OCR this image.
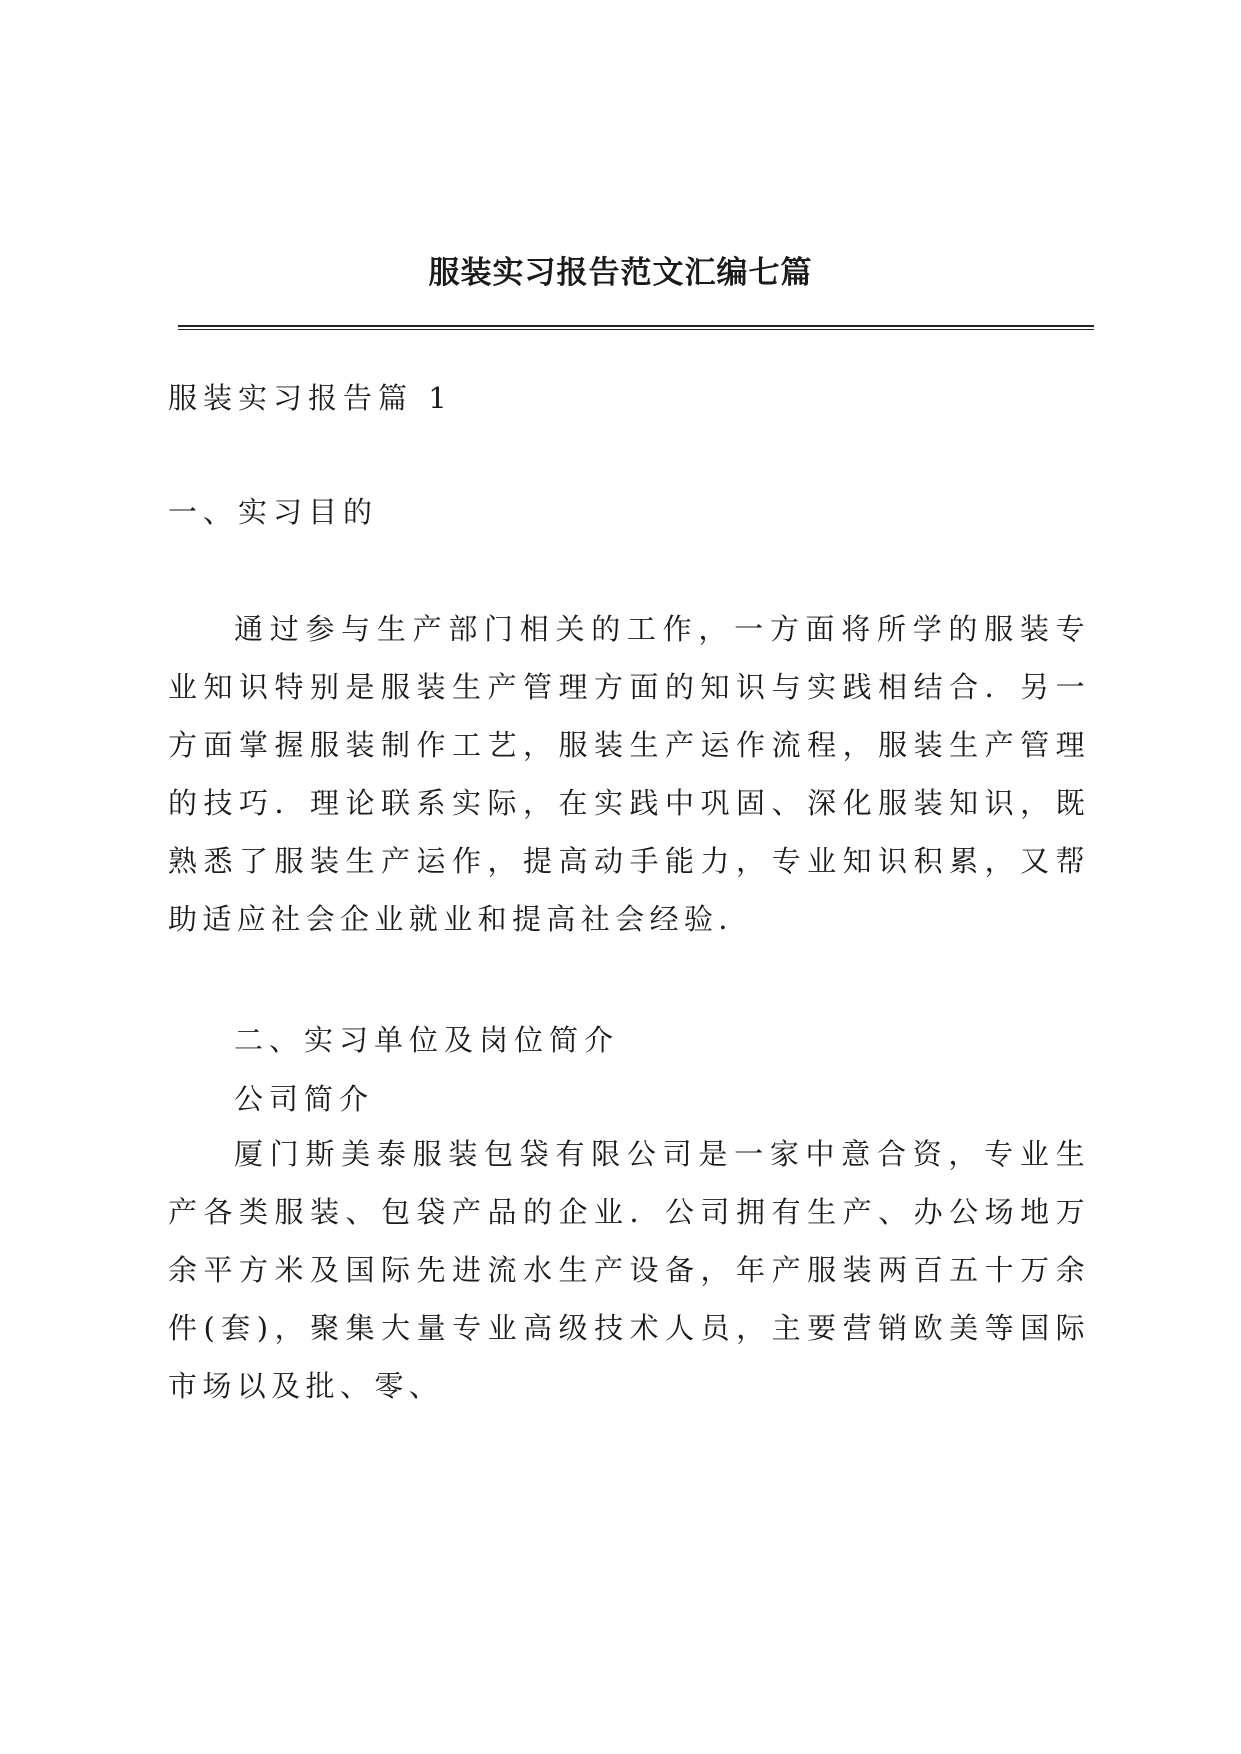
服装实习报告范文汇编七篇

服装实习报告篇 1

一、实习目的

通过参与生产部门相关的工作，一方面将所学的服装专业知识特别是服装生产管理方面的知识与实践相结合．另一方面掌握服装制作工艺，服装生产运作流程，服装生产管理的技巧．理论联系实际，在实践中巩固、深化服装知识，既熟悉了服装生产运作，提高动手能力，专业知识积累，又帮助适应社会企业就业和提高社会经验．

二、实习单位及岗位简介

公司简介

厦门斯美泰服装包袋有限公司是一家中意合资，专业生产各类服装、包袋产品的企业．公司拥有生产、办公场地万余平方米及国际先进流水生产设备，年产服装两百五十万余件(套)，聚集大量专业高级技术人员，主要营销欧美等国际市场以及批、零、
